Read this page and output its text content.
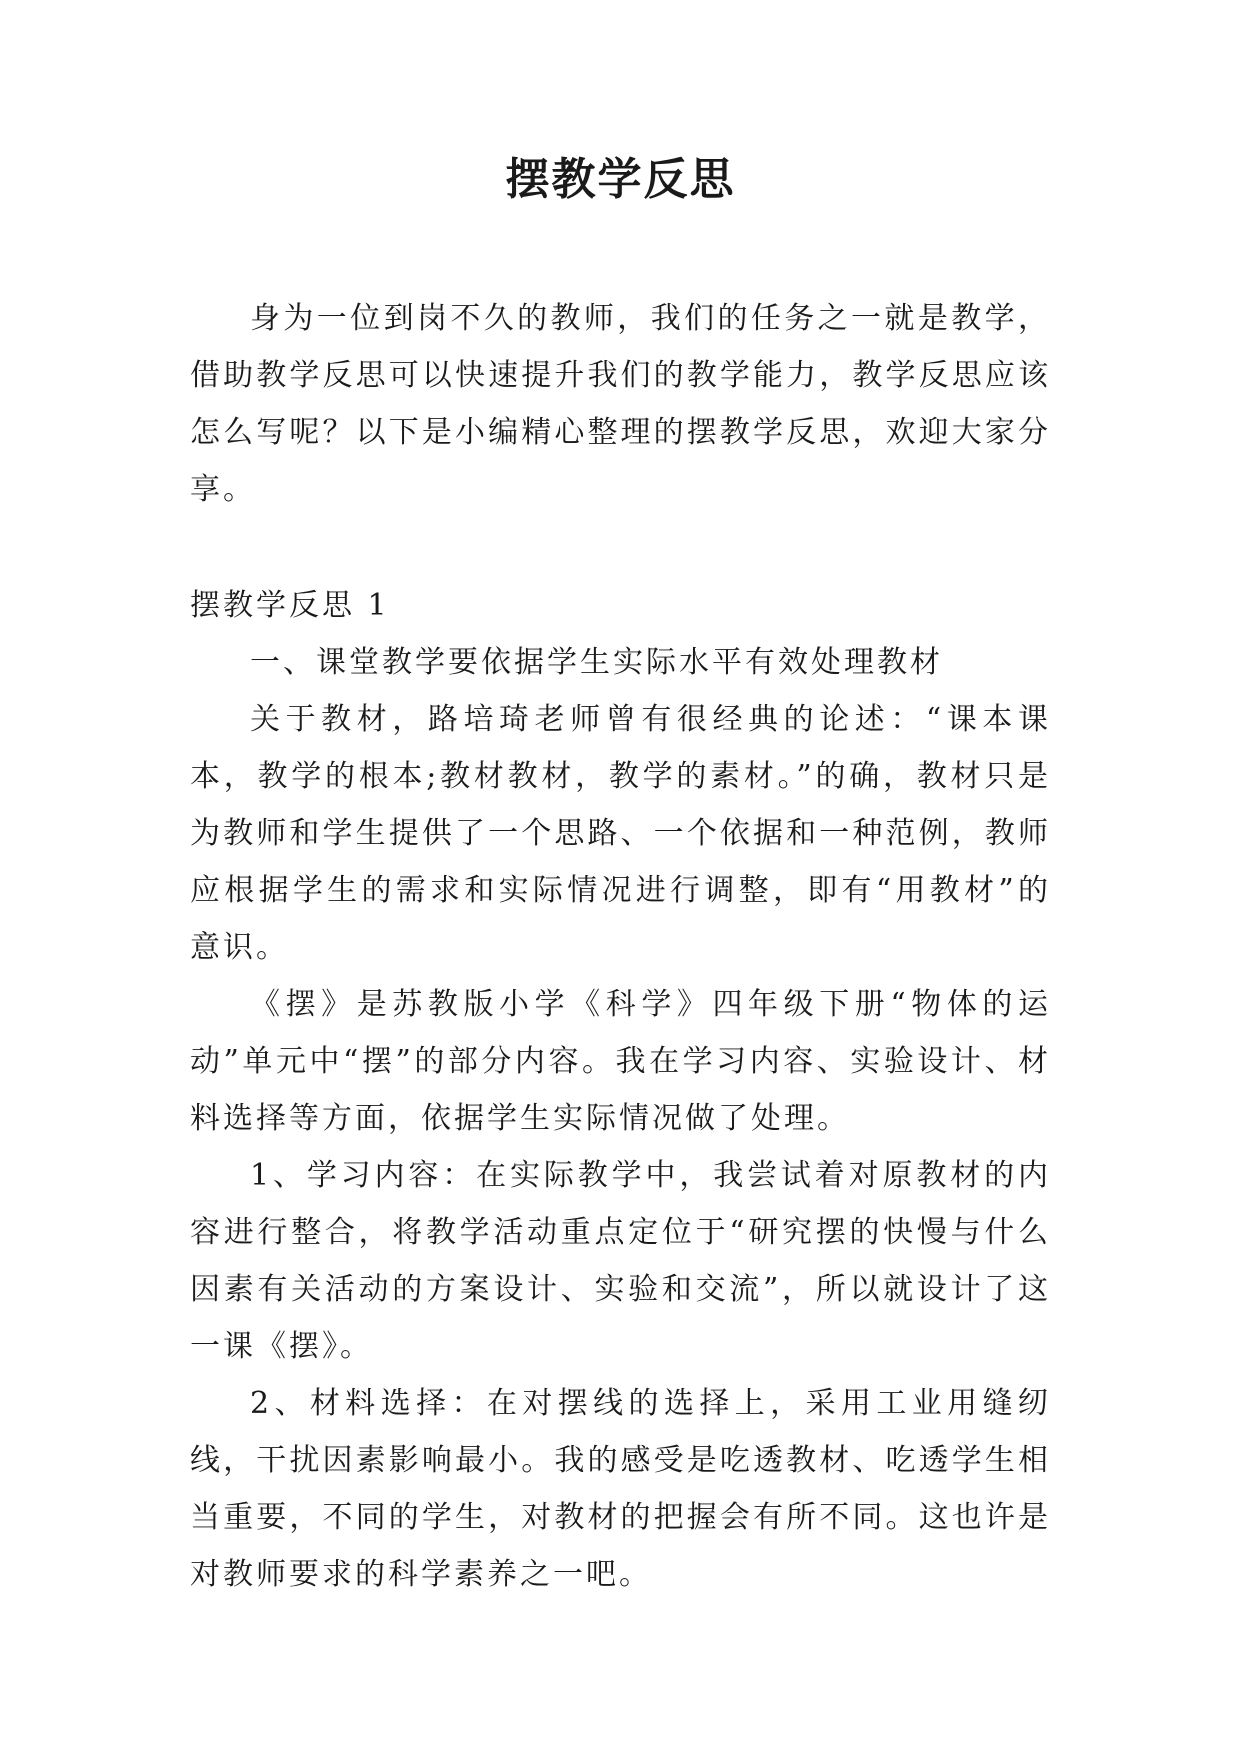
摆教学反思

身为一位到岗不久的教师，我们的任务之一就是教学，借助教学反思可以快速提升我们的教学能力，教学反思应该怎么写呢？以下是小编精心整理的摆教学反思，欢迎大家分享。

摆教学反思 1

一、课堂教学要依据学生实际水平有效处理教材

关于教材，路培琦老师曾有很经典的论述：“课本课本，教学的根本;教材教材，教学的素材。”的确，教材只是为教师和学生提供了一个思路、一个依据和一种范例，教师应根据学生的需求和实际情况进行调整，即有“用教材”的意识。

《摆》是苏教版小学《科学》四年级下册“物体的运动”单元中“摆”的部分内容。我在学习内容、实验设计、材料选择等方面，依据学生实际情况做了处理。

1、学习内容：在实际教学中，我尝试着对原教材的内容进行整合，将教学活动重点定位于“研究摆的快慢与什么因素有关活动的方案设计、实验和交流”，所以就设计了这一课《摆》。

2、材料选择：在对摆线的选择上，采用工业用缝纫线，干扰因素影响最小。我的感受是吃透教材、吃透学生相当重要，不同的学生，对教材的把握会有所不同。这也许是对教师要求的科学素养之一吧。
